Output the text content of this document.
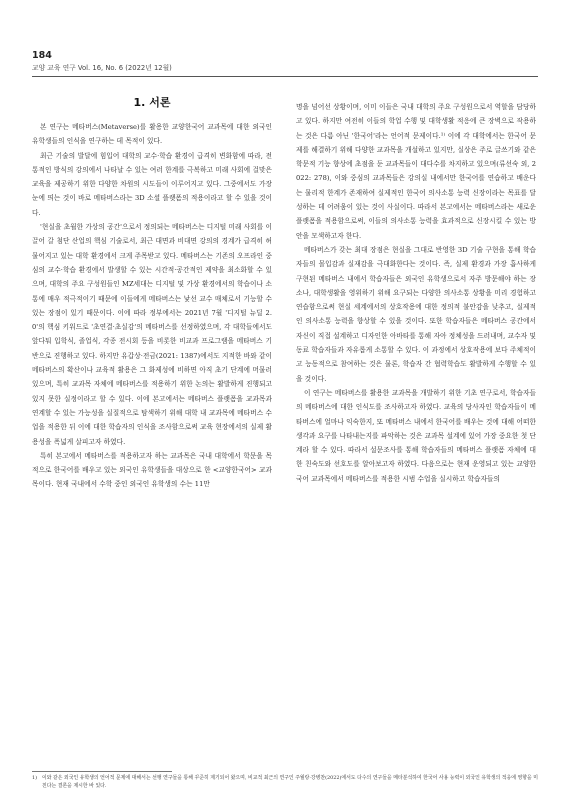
184
교양 교육 연구 Vol. 16, No. 6 (2022년 12월)
1. 서론

본 연구는 메타버스(Metaverse)를 활용한 교양한국어 교과목에 대한 외국인 유학생들의 인식을 연구하는 데 목적이 있다.

최근 기술의 발달에 힘입어 대학의 교수·학습 환경이 급격히 변화함에 따라, 전통적인 방식의 강의에서 나타날 수 있는 여러 한계를 극복하고 미래 사회에 걸맞은 교육을 제공하기 위한 다양한 차원의 시도들이 이루어지고 있다. 그중에서도 가장 눈에 띄는 것이 바로 메타버스라는 3D 소셜 플랫폼의 적용이라고 할 수 있을 것이다.

'현실을 초월한 가상의 공간'으로서 정의되는 메타버스는 디지털 미래 사회를 이끌어 갈 첨단 산업의 핵심 기술로서, 최근 대면과 비대면 강의의 경계가 급격히 허물어지고 있는 대학 환경에서 크게 주목받고 있다. 메타버스는 기존의 오프라인 중심의 교수·학습 환경에서 발생할 수 있는 시간적·공간적인 제약을 최소화할 수 있으며, 대학의 주요 구성원들인 MZ세대는 디지털 및 가상 환경에서의 학습이나 소통에 매우 적극적이기 때문에 이들에게 메타버스는 낯선 교수 매체로서 기능할 수 있는 장점이 있기 때문이다. 이에 따라 정부에서는 2021년 7월 '디지털 뉴딜 2.0'의 핵심 키워드로 '초연결·초실감'의 메타버스를 선정하였으며, 각 대학들에서도 앞다퉈 입학식, 졸업식, 각종 전시회 등을 비롯한 비교과 프로그램을 메타버스 기반으로 진행하고 있다. 하지만 유갑상·전금(2021: 1387)에서도 지적한 바와 같이 메타버스의 확산이나 교육적 활용은 그 화제성에 비하면 아직 초기 단계에 머물러 있으며, 특히 교과목 자체에 메타버스를 적용하기 위한 논의는 활발하게 진행되고 있지 못한 실정이라고 할 수 있다. 이에 본고에서는 메타버스 플랫폼을 교과목과 연계할 수 있는 가능성을 실질적으로 탐색하기 위해 대학 내 교과목에 메타버스 수업을 적용한 뒤 이에 대한 학습자의 인식을 조사함으로써 교육 현장에서의 실제 활용성을 폭넓게 살피고자 하였다.

특히 본고에서 메타버스를 적용하고자 하는 교과목은 국내 대학에서 학문을 목적으로 한국어를 배우고 있는 외국인 유학생들을 대상으로 한 <교양한국어> 교과목이다. 현재 국내에서 수학 중인 외국인 유학생의 수는 11만

명을 넘어선 상황이며, 이미 이들은 국내 대학의 주요 구성원으로서 역할을 담당하고 있다. 하지만 여전히 이들의 학업 수행 및 대학생활 적응에 큰 장벽으로 작용하는 것은 다름 아닌 '한국어'라는 언어적 문제이다.¹⁾ 이에 각 대학에서는 한국어 문제를 해결하기 위해 다양한 교과목을 개설하고 있지만, 실상은 주로 글쓰기와 같은 학문적 기능 향상에 초점을 둔 교과목들이 대다수를 차지하고 있으며(류선숙 외, 2022: 278), 이와 중심의 교과목들은 강의실 내에서만 한국어를 연습하고 배운다는 물리적 한계가 존재하여 실제적인 한국어 의사소통 능력 신장이라는 목표를 달성하는 데 어려움이 있는 것이 사실이다. 따라서 본고에서는 메타버스라는 새로운 플랫폼을 적용함으로써, 이들의 의사소통 능력을 효과적으로 신장시킬 수 있는 방안을 모색하고자 한다.

메타버스가 갖는 최대 장점은 현실을 그대로 반영한 3D 기술 구현을 통해 학습자들의 몰입감과 실재감을 극대화한다는 것이다. 즉, 실제 환경과 가장 흡사하게 구현된 메타버스 내에서 학습자들은 외국인 유학생으로서 자주 방문해야 하는 장소나, 대학생활을 영위하기 위해 요구되는 다양한 의사소통 상황을 미리 경험하고 연습함으로써 현실 세계에서의 상호작용에 대한 정의적 불안감을 낮추고, 실제적인 의사소통 능력을 향상할 수 있을 것이다. 또한 학습자들은 메타버스 공간에서 자신이 직접 설계하고 디자인한 아바타를 통해 자아 정체성을 드러내며, 교수자 및 동료 학습자들과 자유롭게 소통할 수 있다. 이 과정에서 상호작용에 보다 주체적이고 능동적으로 참여하는 것은 물론, 학습자 간 협력학습도 활발하게 수행할 수 있을 것이다.

이 연구는 메타버스를 활용한 교과목을 개발하기 위한 기초 연구로서, 학습자들의 메타버스에 대한 인식도를 조사하고자 하였다. 교육의 당사자인 학습자들이 메타버스에 얼마나 익숙한지, 또 메타버스 내에서 한국어를 배우는 것에 대해 어떠한 생각과 요구를 나타내는지를 파악하는 것은 교과목 설계에 있어 가장 중요한 첫 단계라 할 수 있다. 따라서 설문조사를 통해 학습자들의 메타버스 플랫폼 자체에 대한 친숙도와 선호도를 알아보고자 하였다. 다음으로는 현재 운영되고 있는 교양한국어 교과목에서 메타버스를 적용한 시범 수업을 실시하고 학습자들의

1)	이와 같은 외국인 유학생의 언어적 문제에 대해서는 선행 연구들을 통해 꾸준히 제기되어 왔으며, 비교적 최근의 연구인 주월랑·강병찬(2022)에서도 다수의 연구들을 메타분석하여 한국어 사용 능력이 외국인 유학생의 적응에 영향을 미친다는 결론을 제시한 바 있다.
